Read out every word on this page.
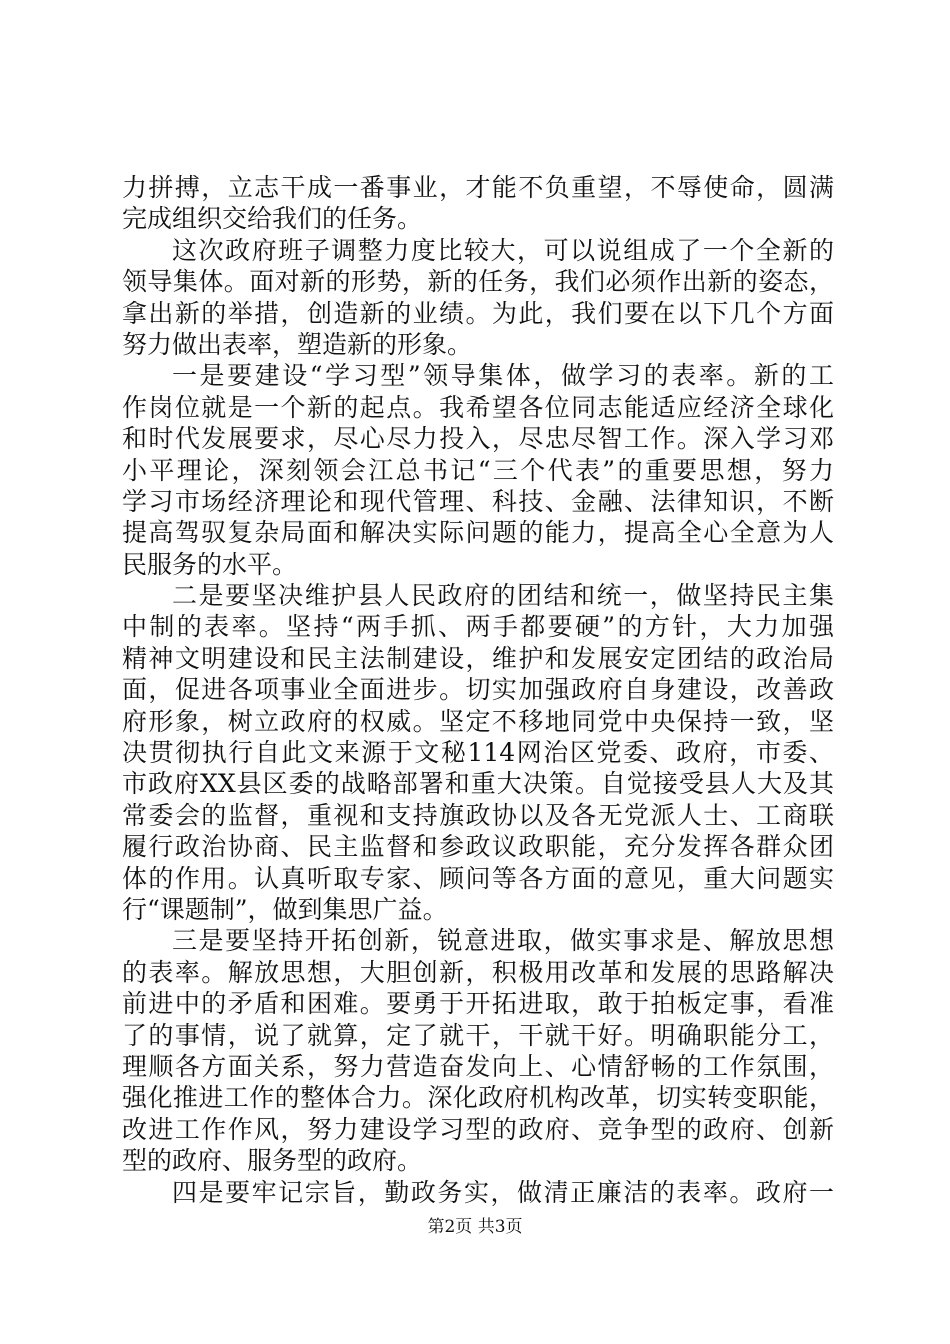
力拼搏，立志干成一番事业，才能不负重望，不辱使命，圆满
完成组织交给我们的任务。
这次政府班子调整力度比较大，可以说组成了一个全新的
领导集体。面对新的形势，新的任务，我们必须作出新的姿态，
拿出新的举措，创造新的业绩。为此，我们要在以下几个方面
努力做出表率，塑造新的形象。
一是要建设“学习型”领导集体，做学习的表率。新的工
作岗位就是一个新的起点。我希望各位同志能适应经济全球化
和时代发展要求，尽心尽力投入，尽忠尽智工作。深入学习邓
小平理论，深刻领会江总书记“三个代表”的重要思想，努力
学习市场经济理论和现代管理、科技、金融、法律知识，不断
提高驾驭复杂局面和解决实际问题的能力，提高全心全意为人
民服务的水平。
二是要坚决维护县人民政府的团结和统一，做坚持民主集
中制的表率。坚持“两手抓、两手都要硬”的方针，大力加强
精神文明建设和民主法制建设，维护和发展安定团结的政治局
面，促进各项事业全面进步。切实加强政府自身建设，改善政
府形象，树立政府的权威。坚定不移地同党中央保持一致，坚
决贯彻执行自此文来源于文秘114网治区党委、政府，市委、
市政府XX县区委的战略部署和重大决策。自觉接受县人大及其
常委会的监督，重视和支持旗政协以及各无党派人士、工商联
履行政治协商、民主监督和参政议政职能，充分发挥各群众团
体的作用。认真听取专家、顾问等各方面的意见，重大问题实
行“课题制”，做到集思广益。
三是要坚持开拓创新，锐意进取，做实事求是、解放思想
的表率。解放思想，大胆创新，积极用改革和发展的思路解决
前进中的矛盾和困难。要勇于开拓进取，敢于拍板定事，看准
了的事情，说了就算，定了就干，干就干好。明确职能分工，
理顺各方面关系，努力营造奋发向上、心情舒畅的工作氛围，
强化推进工作的整体合力。深化政府机构改革，切实转变职能，
改进工作作风，努力建设学习型的政府、竞争型的政府、创新
型的政府、服务型的政府。
四是要牢记宗旨，勤政务实，做清正廉洁的表率。政府一
第2页 共3页
